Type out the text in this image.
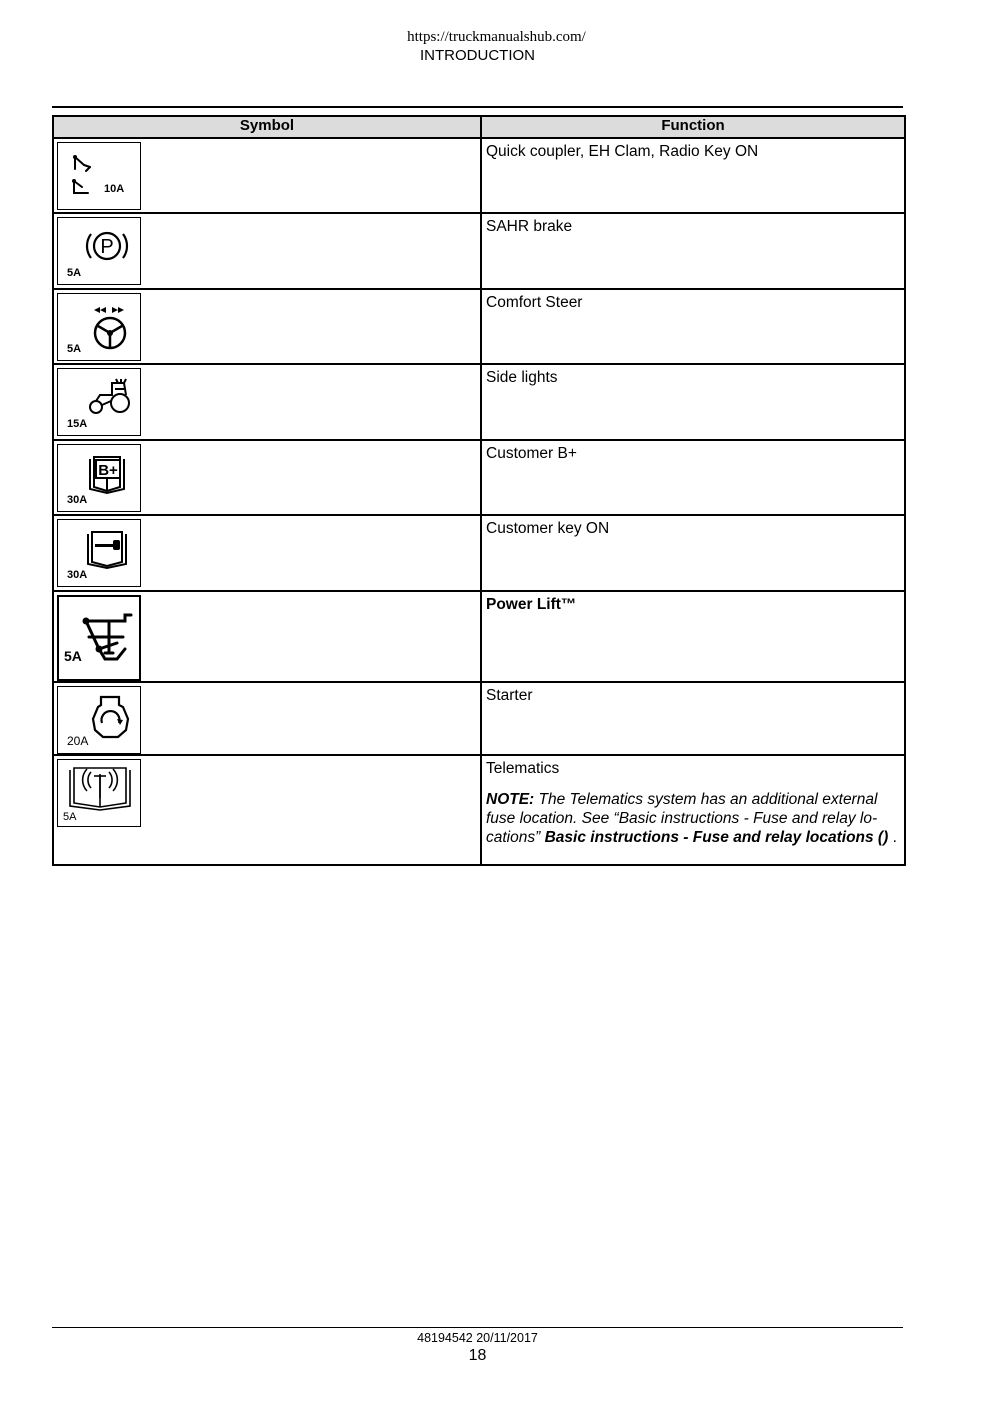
https://truckmanualshub.com/
INTRODUCTION
Symbol	Function

10A	Quick coupler, EH Clam, Radio Key ON

P
5A	SAHR brake

5A	Comfort Steer

15A	Side lights

B+
30A	Customer B+

30A	Customer key ON

5A	Power Lift™

20A	Starter

5A	Telematics
NOTE: The Telematics system has an additional external fuse location. See “Basic instructions - Fuse and relay lo-cations” Basic instructions - Fuse and relay locations () .
48194542 20/11/2017
18
